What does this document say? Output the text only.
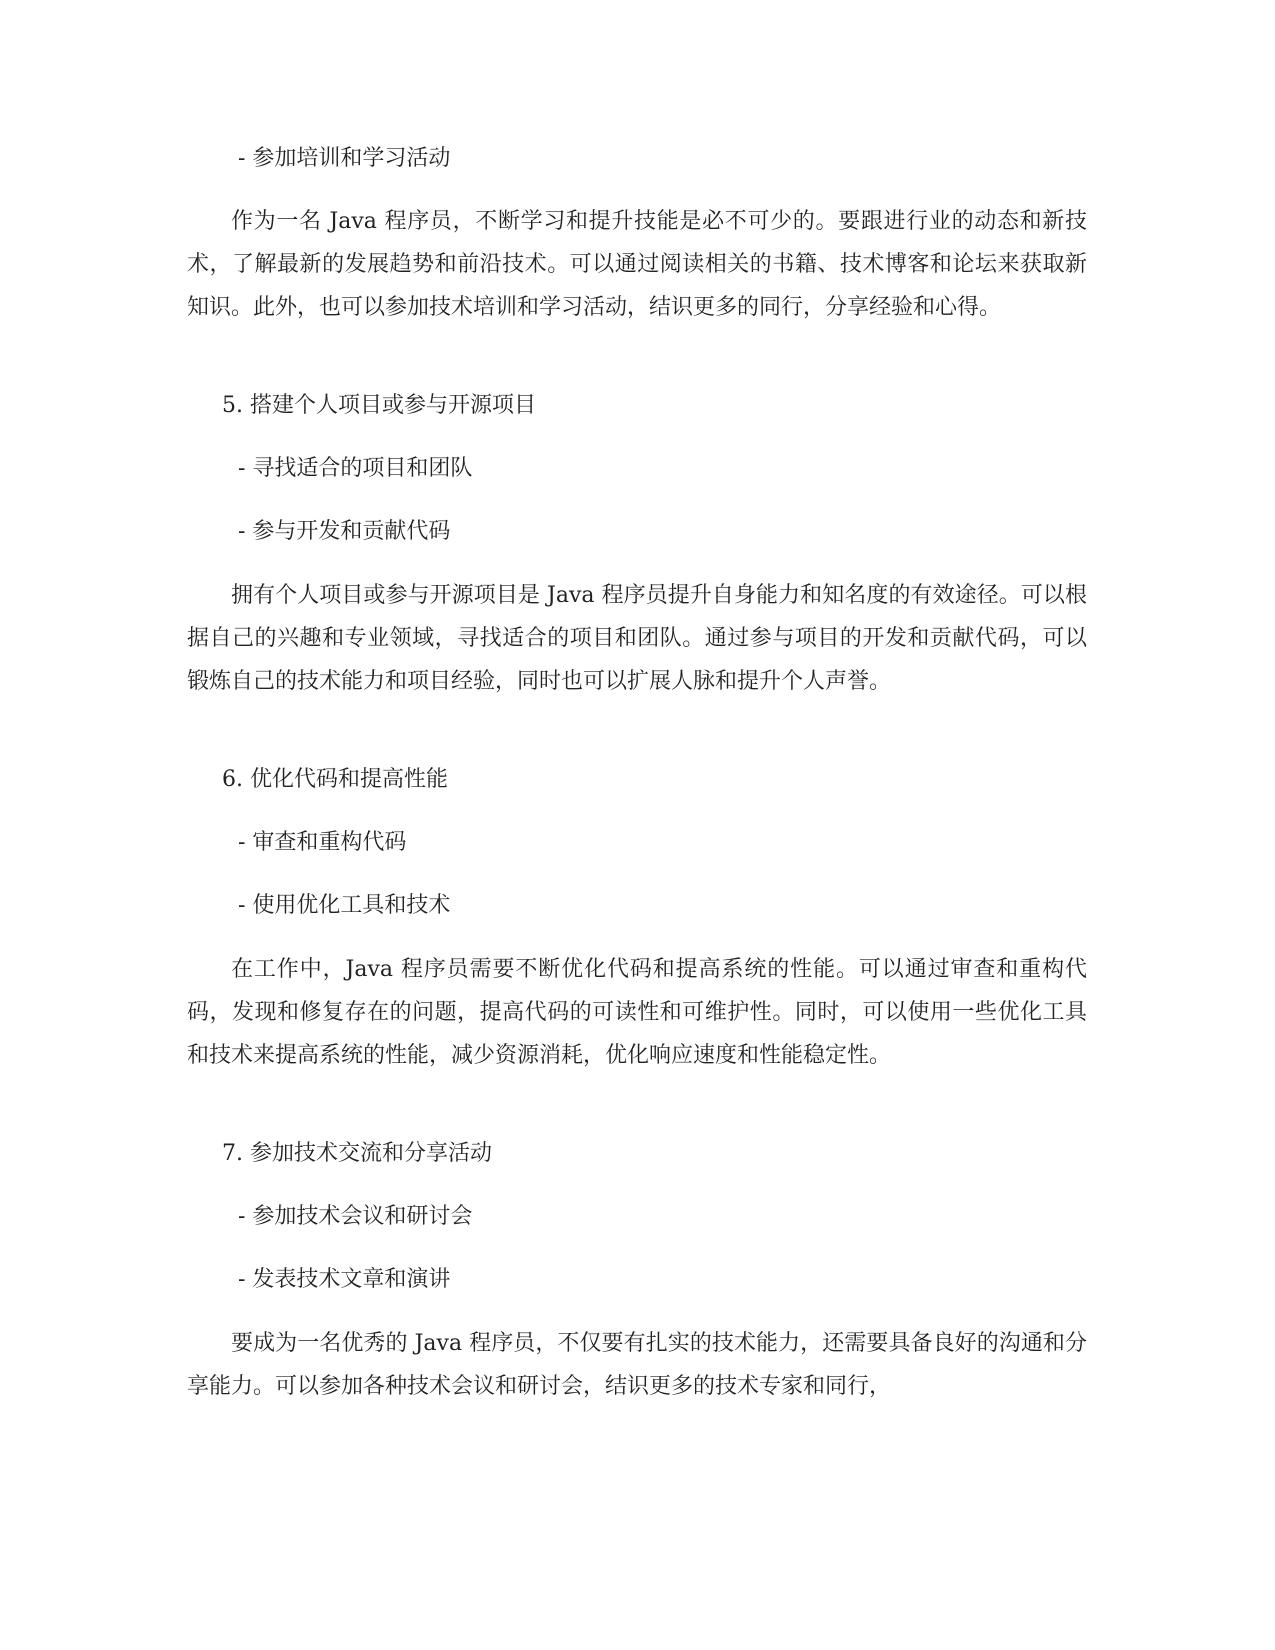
- 参加培训和学习活动

作为一名 Java 程序员，不断学习和提升技能是必不可少的。要跟进行业的动态和新技术，了解最新的发展趋势和前沿技术。可以通过阅读相关的书籍、技术博客和论坛来获取新知识。此外，也可以参加技术培训和学习活动，结识更多的同行，分享经验和心得。

5. 搭建个人项目或参与开源项目
- 寻找适合的项目和团队
- 参与开发和贡献代码

拥有个人项目或参与开源项目是 Java 程序员提升自身能力和知名度的有效途径。可以根据自己的兴趣和专业领域，寻找适合的项目和团队。通过参与项目的开发和贡献代码，可以锻炼自己的技术能力和项目经验，同时也可以扩展人脉和提升个人声誉。

6. 优化代码和提高性能
- 审查和重构代码
- 使用优化工具和技术

在工作中，Java 程序员需要不断优化代码和提高系统的性能。可以通过审查和重构代码，发现和修复存在的问题，提高代码的可读性和可维护性。同时，可以使用一些优化工具和技术来提高系统的性能，减少资源消耗，优化响应速度和性能稳定性。

7. 参加技术交流和分享活动
- 参加技术会议和研讨会
- 发表技术文章和演讲

要成为一名优秀的 Java 程序员，不仅要有扎实的技术能力，还需要具备良好的沟通和分享能力。可以参加各种技术会议和研讨会，结识更多的技术专家和同行，
